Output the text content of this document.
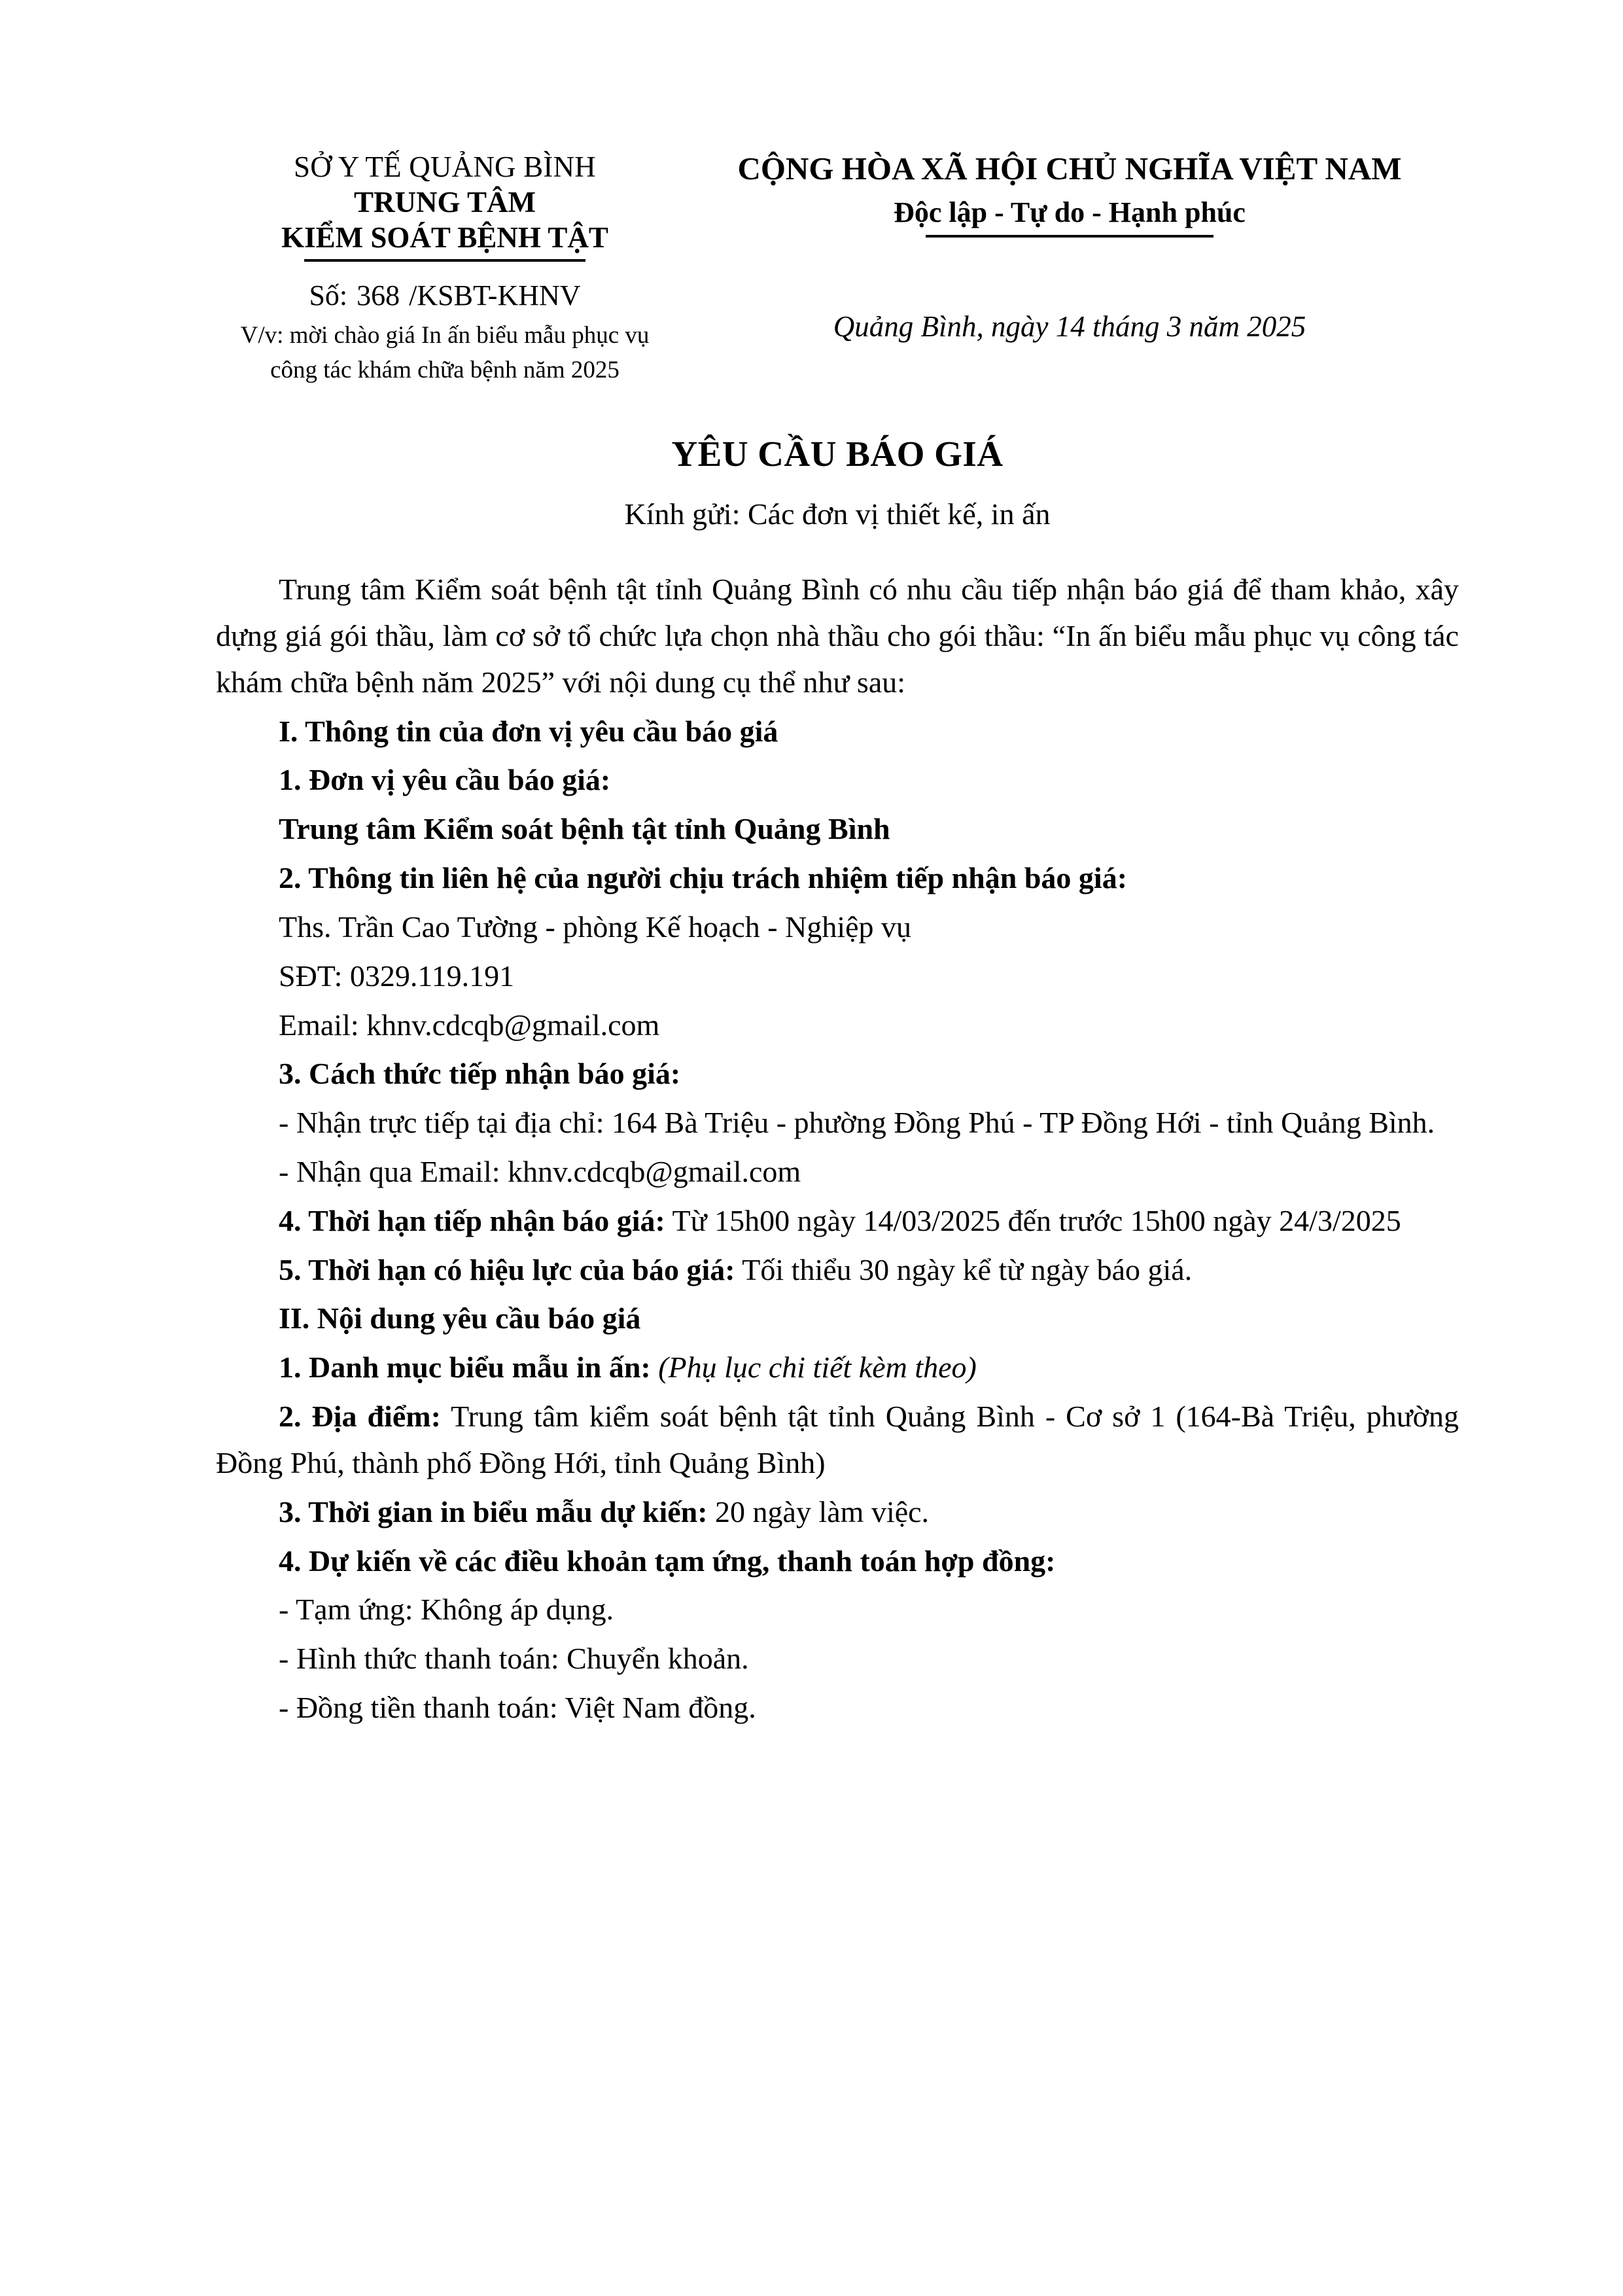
SỞ Y TẾ QUẢNG BÌNH
TRUNG TÂM
KIỂM SOÁT BỆNH TẬT
Số: 368 /KSBT-KHNV
V/v: mời chào giá In ấn biểu mẫu phục vụ công tác khám chữa bệnh năm 2025
CỘNG HÒA XÃ HỘI CHỦ NGHĨA VIỆT NAM
Độc lập - Tự do - Hạnh phúc
Quảng Bình, ngày 14 tháng 3 năm 2025
YÊU CẦU BÁO GIÁ
Kính gửi: Các đơn vị thiết kế, in ấn

Trung tâm Kiểm soát bệnh tật tỉnh Quảng Bình có nhu cầu tiếp nhận báo giá để tham khảo, xây dựng giá gói thầu, làm cơ sở tổ chức lựa chọn nhà thầu cho gói thầu: “In ấn biểu mẫu phục vụ công tác khám chữa bệnh năm 2025” với nội dung cụ thể như sau:

I. Thông tin của đơn vị yêu cầu báo giá

1. Đơn vị yêu cầu báo giá:

Trung tâm Kiểm soát bệnh tật tỉnh Quảng Bình

2. Thông tin liên hệ của người chịu trách nhiệm tiếp nhận báo giá:

Ths. Trần Cao Tường - phòng Kế hoạch - Nghiệp vụ

SĐT: 0329.119.191

Email: khnv.cdcqb@gmail.com

3. Cách thức tiếp nhận báo giá:

- Nhận trực tiếp tại địa chỉ: 164 Bà Triệu - phường Đồng Phú - TP Đồng Hới - tỉnh Quảng Bình.

- Nhận qua Email: khnv.cdcqb@gmail.com

4. Thời hạn tiếp nhận báo giá: Từ 15h00 ngày 14/03/2025 đến trước 15h00 ngày 24/3/2025

5. Thời hạn có hiệu lực của báo giá: Tối thiểu 30 ngày kể từ ngày báo giá.

II. Nội dung yêu cầu báo giá

1. Danh mục biểu mẫu in ấn: (Phụ lục chi tiết kèm theo)

2. Địa điểm: Trung tâm kiểm soát bệnh tật tỉnh Quảng Bình - Cơ sở 1 (164-Bà Triệu, phường Đồng Phú, thành phố Đồng Hới, tỉnh Quảng Bình)

3. Thời gian in biểu mẫu dự kiến: 20 ngày làm việc.

4. Dự kiến về các điều khoản tạm ứng, thanh toán hợp đồng:

- Tạm ứng: Không áp dụng.

- Hình thức thanh toán: Chuyển khoản.

- Đồng tiền thanh toán: Việt Nam đồng.
